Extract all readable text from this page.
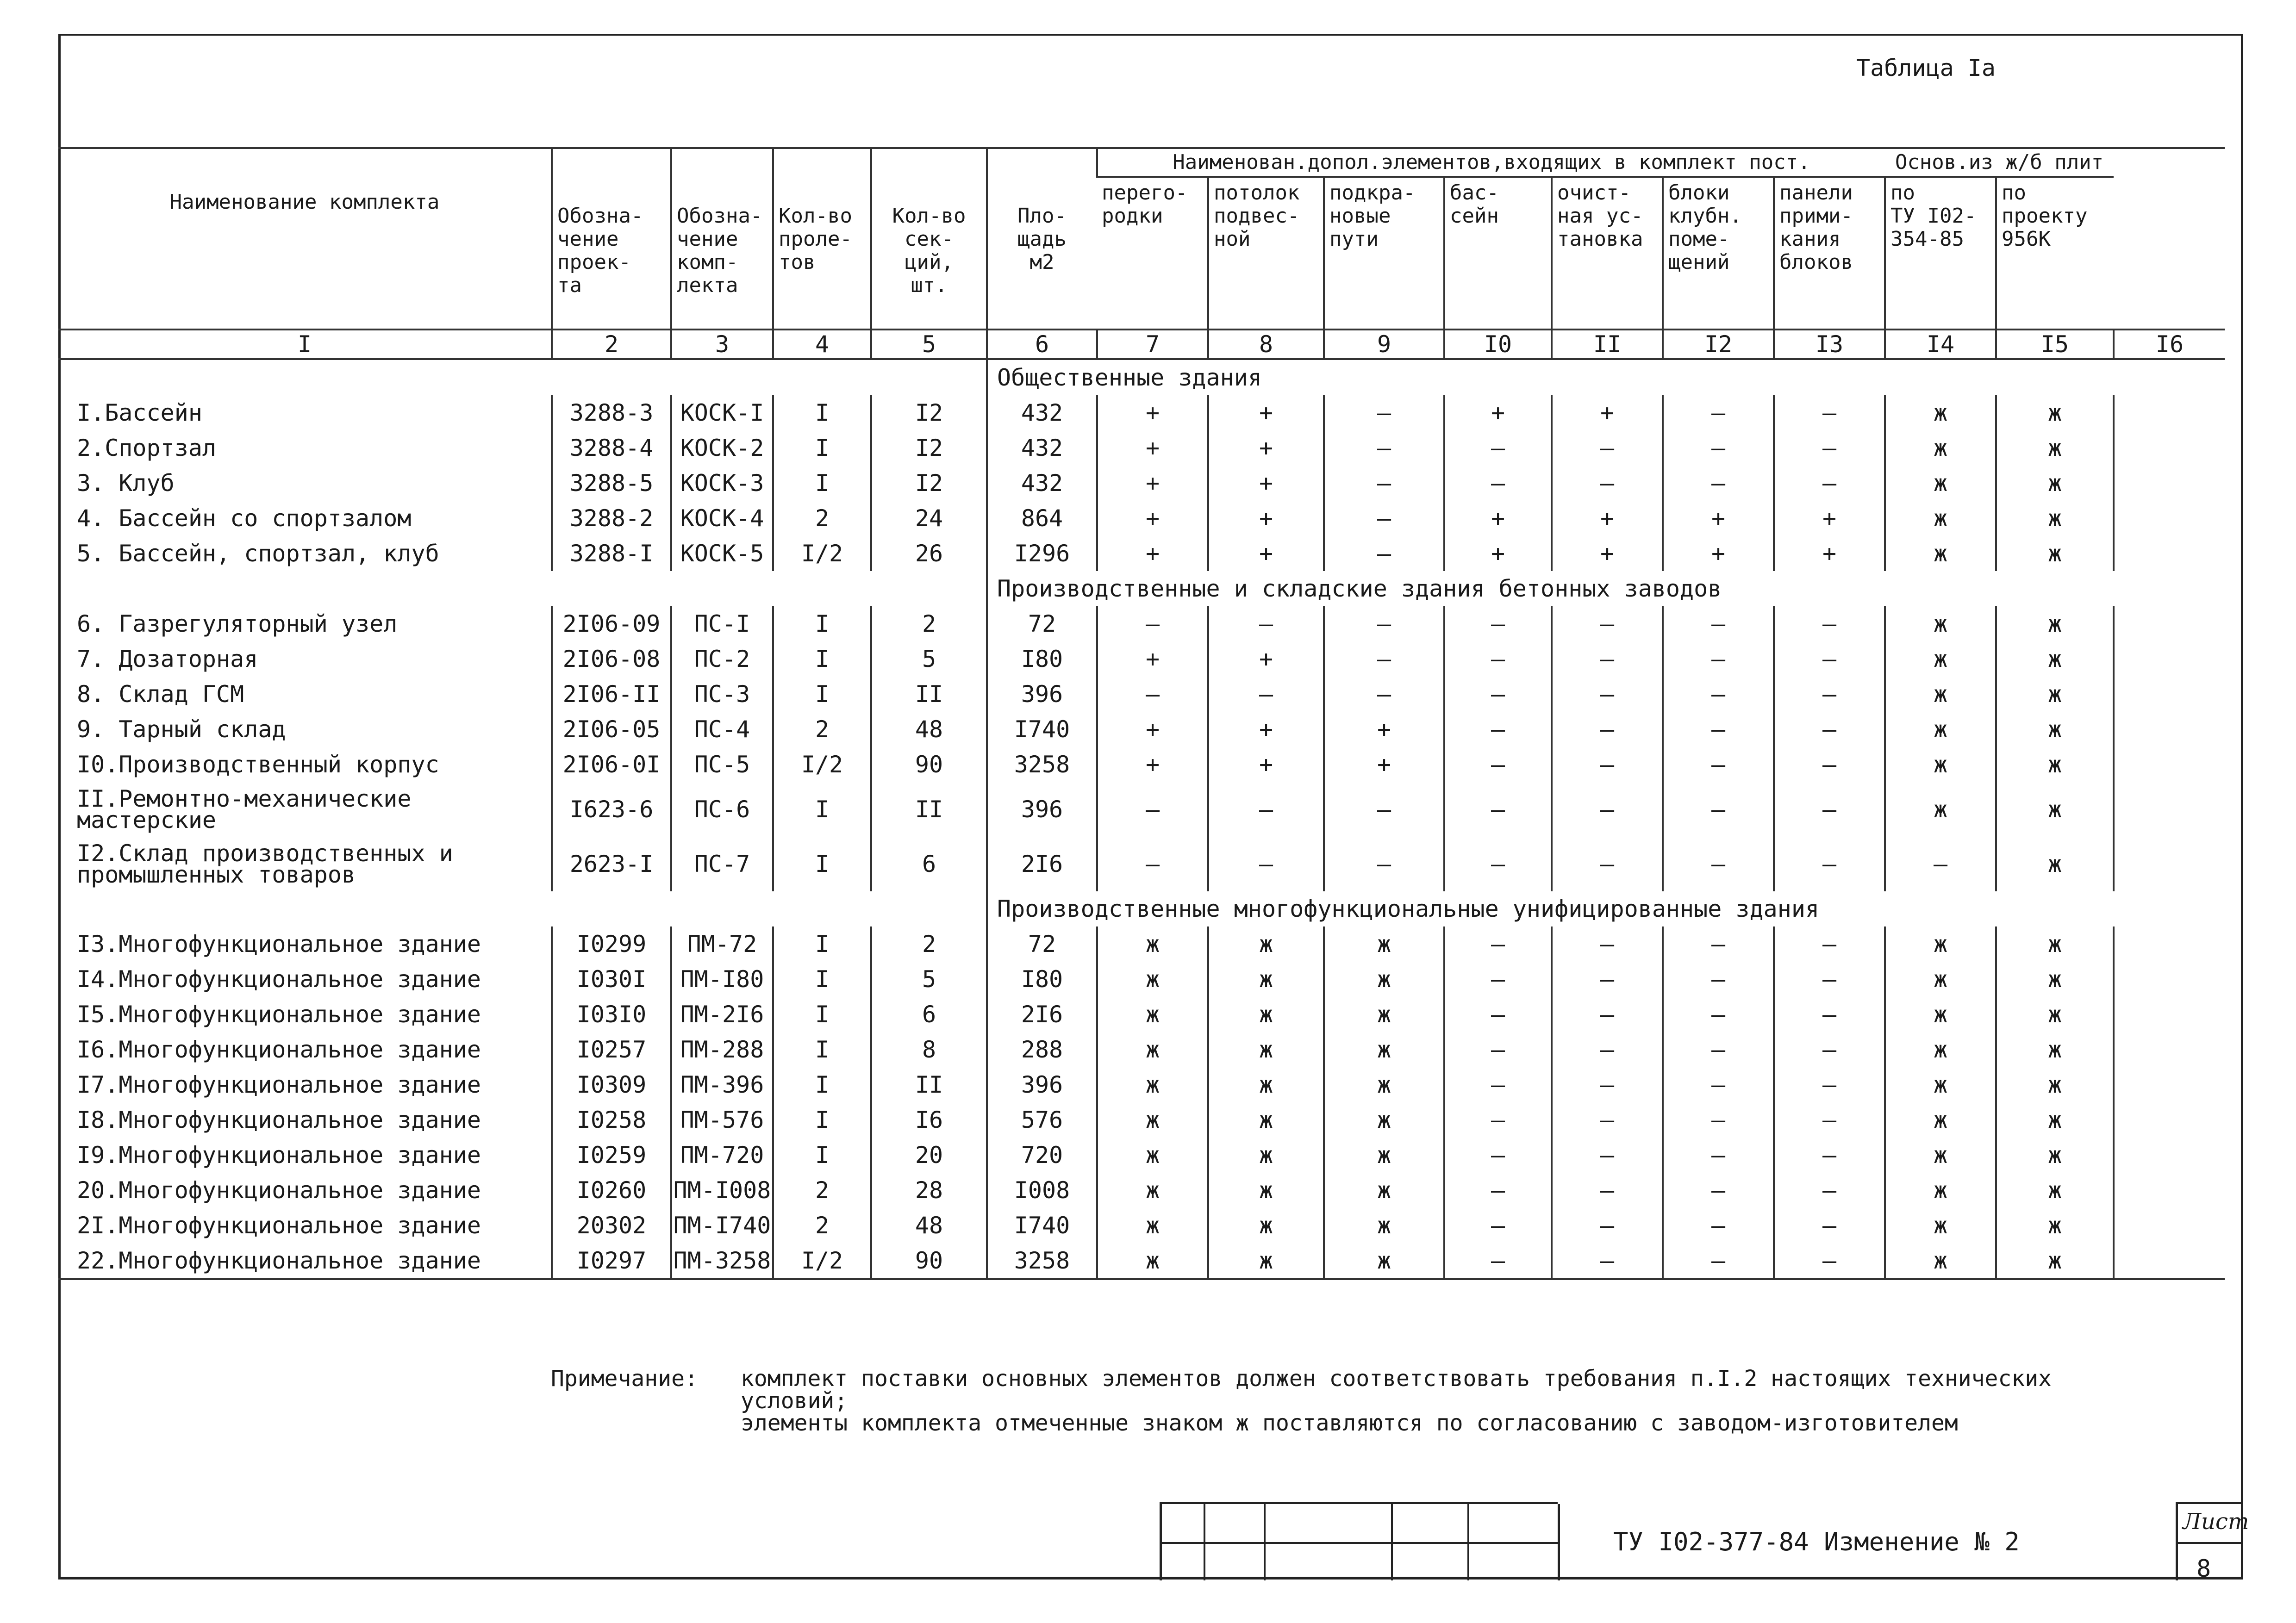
Таблица Iа
Наименование комплекта	Обозна-
чение
проек-
та	Обозна-
чение
комп-
лекта	Кол-во
проле-
тов	Кол-во
сек-
ций,
шт.	Пло-
щадь
м2	Наименован.допол.элементов,входящих в комплект пост.							Основ.из ж/б плит		
						перего-
родки	потолок
подвес-
ной	подкра-
новые
пути	бас-
сейн	очист-
ная ус-
тановка	блоки
клубн.
поме-
щений	панели
прими-
кания
блоков	по
ТУ I02-
354-85	по
проекту
956К	
I	2	3	4	5	6	7	8	9	I0	II	I2	I3	I4	I5	I6
					Общественные здания										
I.Бассейн	3288-3	КОСК-I	I	I2	432	+	+	–	+	+	–	–	ж	ж	
2.Спортзал	3288-4	КОСК-2	I	I2	432	+	+	–	–	–	–	–	ж	ж	
3. Клуб	3288-5	КОСК-3	I	I2	432	+	+	–	–	–	–	–	ж	ж	
4. Бассейн со спортзалом	3288-2	КОСК-4	2	24	864	+	+	–	+	+	+	+	ж	ж	
5. Бассейн, спортзал, клуб	3288-I	КОСК-5	I/2	26	I296	+	+	–	+	+	+	+	ж	ж	
					Производственные и складские здания бетонных заводов										
6. Газрегуляторный узел	2I06-09	ПС-I	I	2	72	–	–	–	–	–	–	–	ж	ж	
7. Дозаторная	2I06-08	ПС-2	I	5	I80	+	+	–	–	–	–	–	ж	ж	
8. Склад ГСМ	2I06-II	ПС-3	I	II	396	–	–	–	–	–	–	–	ж	ж	
9. Тарный склад	2I06-05	ПС-4	2	48	I740	+	+	+	–	–	–	–	ж	ж	
I0.Производственный корпус	2I06-0I	ПС-5	I/2	90	3258	+	+	+	–	–	–	–	ж	ж	
II.Ремонтно-механические
мастерские	I623-6	ПС-6	I	II	396	–	–	–	–	–	–	–	ж	ж	
I2.Склад производственных и
промышленных товаров	2623-I	ПС-7	I	6	2I6	–	–	–	–	–	–	–	–	ж	
					Производственные многофункциональные унифицированные здания										
I3.Многофункциональное здание	I0299	ПМ-72	I	2	72	ж	ж	ж	–	–	–	–	ж	ж	
I4.Многофункциональное здание	I030I	ПМ-I80	I	5	I80	ж	ж	ж	–	–	–	–	ж	ж	
I5.Многофункциональное здание	I03I0	ПМ-2I6	I	6	2I6	ж	ж	ж	–	–	–	–	ж	ж	
I6.Многофункциональное здание	I0257	ПМ-288	I	8	288	ж	ж	ж	–	–	–	–	ж	ж	
I7.Многофункциональное здание	I0309	ПМ-396	I	II	396	ж	ж	ж	–	–	–	–	ж	ж	
I8.Многофункциональное здание	I0258	ПМ-576	I	I6	576	ж	ж	ж	–	–	–	–	ж	ж	
I9.Многофункциональное здание	I0259	ПМ-720	I	20	720	ж	ж	ж	–	–	–	–	ж	ж	
20.Многофункциональное здание	I0260	ПМ-I008	2	28	I008	ж	ж	ж	–	–	–	–	ж	ж	
2I.Многофункциональное здание	20302	ПМ-I740	2	48	I740	ж	ж	ж	–	–	–	–	ж	ж	
22.Многофункциональное здание	I0297	ПМ-3258	I/2	90	3258	ж	ж	ж	–	–	–	–	ж	ж	

Примечание: комплект поставки основных элементов должен соответствовать требования п.I.2 настоящих технических условий;
элементы комплекта отмеченные знаком ж поставляются по согласованию с заводом-изготовителем
ТУ I02-377-84 Изменение № 2
Лист
8
